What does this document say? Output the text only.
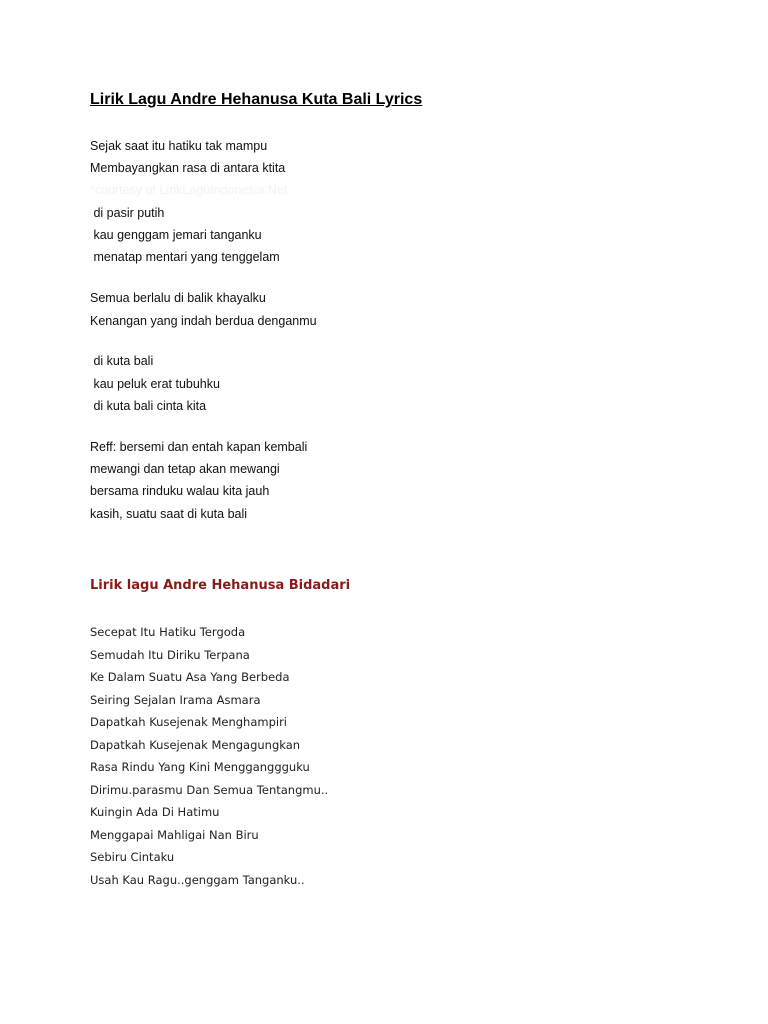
Lirik Lagu Andre Hehanusa Kuta Bali Lyrics
Sejak saat itu hatiku tak mampu
Membayangkan rasa di antara ktita
*courtesy of LirikLaguIndonesia.Net
di pasir putih
kau genggam jemari tanganku
menatap mentari yang tenggelam
Semua berlalu di balik khayalku
Kenangan yang indah berdua denganmu
di kuta bali
kau peluk erat tubuhku
di kuta bali cinta kita
Reff: bersemi dan entah kapan kembali
mewangi dan tetap akan mewangi
bersama rinduku walau kita jauh
kasih, suatu saat di kuta bali
Lirik lagu Andre Hehanusa Bidadari
Secepat Itu Hatiku Tergoda
Semudah Itu Diriku Terpana
Ke Dalam Suatu Asa Yang Berbeda
Seiring Sejalan Irama Asmara
Dapatkah Kusejenak Menghampiri
Dapatkah Kusejenak Mengagungkan
Rasa Rindu Yang Kini Mengganggguku
Dirimu.parasmu Dan Semua Tentangmu..
Kuingin Ada Di Hatimu
Menggapai Mahligai Nan Biru
Sebiru Cintaku
Usah Kau Ragu..genggam Tanganku..
